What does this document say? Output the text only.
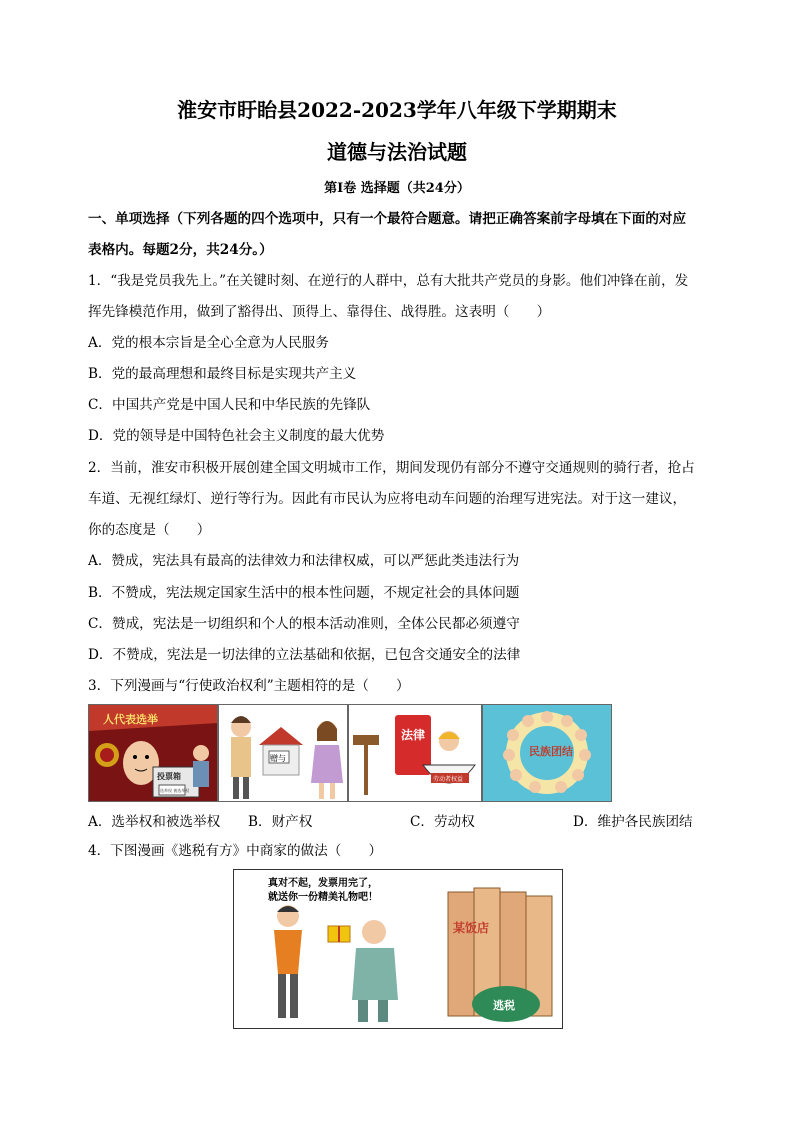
淮安市盱眙县2022-2023学年八年级下学期期末
道德与法治试题
第Ⅰ卷 选择题（共24分）
一、单项选择（下列各题的四个选项中，只有一个最符合题意。请把正确答案前字母填在下面的对应
表格内。每题2分，共24分。）
1．“我是党员我先上。”在关键时刻、在逆行的人群中，总有大批共产党员的身影。他们冲锋在前，发
挥先锋模范作用，做到了豁得出、顶得上、靠得住、战得胜。这表明（　　）
A．党的根本宗旨是全心全意为人民服务
B．党的最高理想和最终目标是实现共产主义
C．中国共产党是中国人民和中华民族的先锋队
D．党的领导是中国特色社会主义制度的最大优势
2．当前，淮安市积极开展创建全国文明城市工作，期间发现仍有部分不遵守交通规则的骑行者，抢占
车道、无视红绿灯、逆行等行为。因此有市民认为应将电动车问题的治理写进宪法。对于这一建议，
你的态度是（　　）
A．赞成，宪法具有最高的法律效力和法律权威，可以严惩此类违法行为
B．不赞成，宪法规定国家生活中的根本性问题，不规定社会的具体问题
C．赞成，宪法是一切组织和个人的根本活动准则，全体公民都必须遵守
D．不赞成，宪法是一切法律的立法基础和依据，已包含交通安全的法律
3．下列漫画与“行使政治权利”主题相符的是（　　）
人代表选举
投票箱
选举权 被选举权
赠与
法律
劳动者权益
民族团结
A．选举权和被选举权 B．财产权	C．劳动权	D．维护各民族团结
4．下图漫画《逃税有方》中商家的做法（　　）
真对不起，发票用完了，
就送你一份精美礼物吧！
某饭店
逃税
